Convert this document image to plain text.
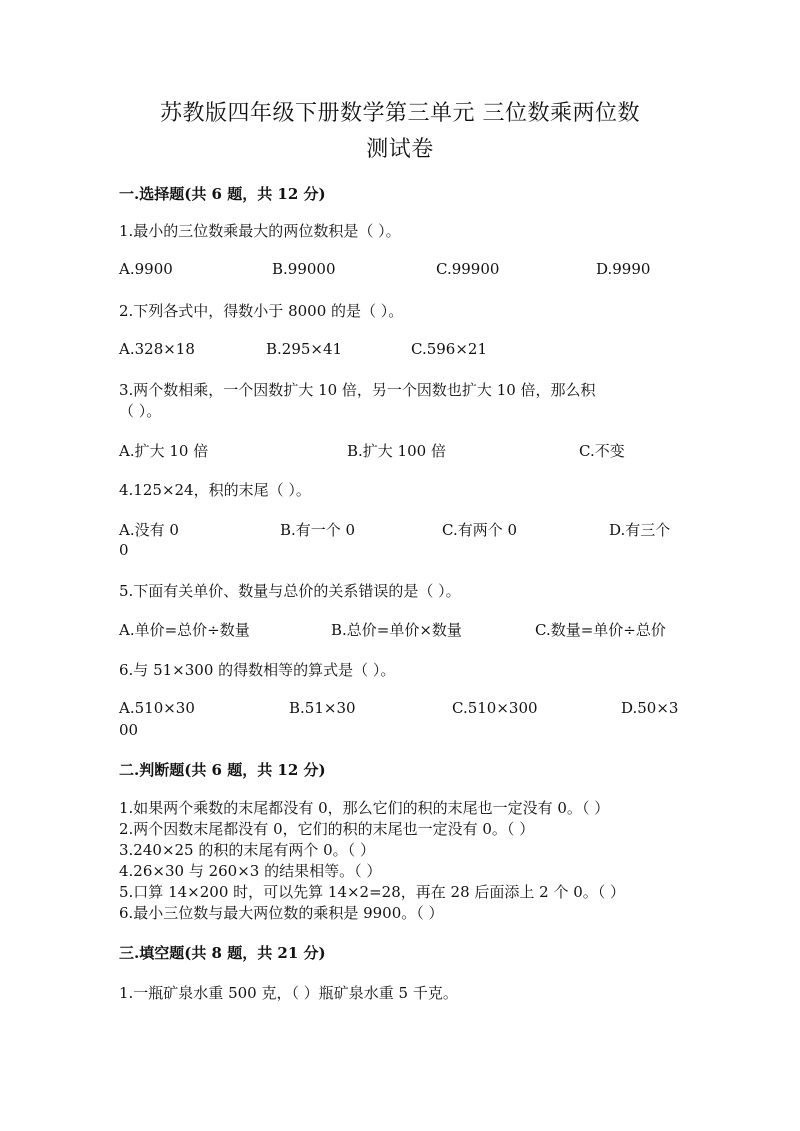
苏教版四年级下册数学第三单元 三位数乘两位数
测试卷
一.选择题(共 6 题，共 12 分)
1.最小的三位数乘最大的两位数积是（ ）。
A.9900	B.99000	C.99900	D.9990
2.下列各式中，得数小于 8000 的是（ ）。
A.328×18	B.295×41	C.596×21
3.两个数相乘，一个因数扩大 10 倍，另一个因数也扩大 10 倍，那么积
（ ）。
A.扩大 10 倍	B.扩大 100 倍	C.不变
4.125×24，积的末尾（ ）。
A.没有 0	B.有一个 0	C.有两个 0	D.有三个
0
5.下面有关单价、数量与总价的关系错误的是（ ）。
A.单价=总价÷数量	B.总价=单价×数量	C.数量=单价÷总价
6.与 51×300 的得数相等的算式是（ ）。
A.510×30	B.51×30	C.510×300	D.50×3
00
二.判断题(共 6 题，共 12 分)
1.如果两个乘数的末尾都没有 0，那么它们的积的末尾也一定没有 0。（ ）
2.两个因数末尾都没有 0，它们的积的末尾也一定没有 0。（ ）
3.240×25 的积的末尾有两个 0。（ ）
4.26×30 与 260×3 的结果相等。（ ）
5.口算 14×200 时，可以先算 14×2=28，再在 28 后面添上 2 个 0。（ ）
6.最小三位数与最大两位数的乘积是 9900。（ ）
三.填空题(共 8 题，共 21 分)
1.一瓶矿泉水重 500 克，（ ）瓶矿泉水重 5 千克。
